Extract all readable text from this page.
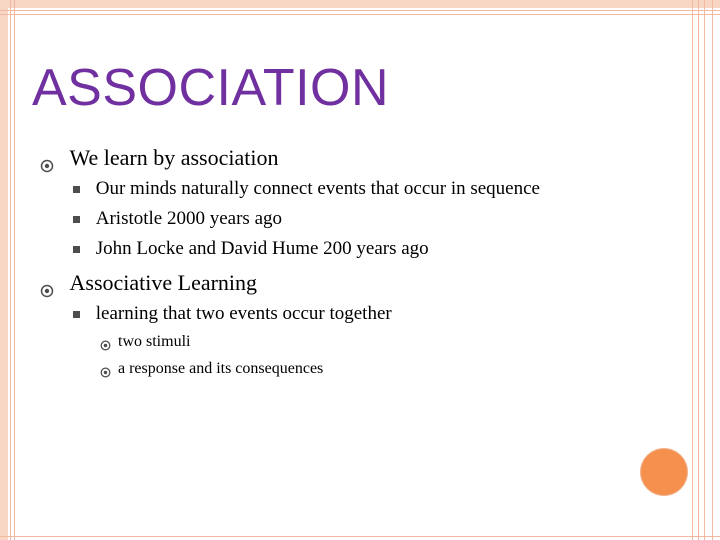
ASSOCIATION
We learn by association
Our minds naturally connect events that occur in sequence
Aristotle 2000 years ago
John Locke and David Hume 200 years ago
Associative Learning
learning that two events occur together
two stimuli
a response and its consequences
